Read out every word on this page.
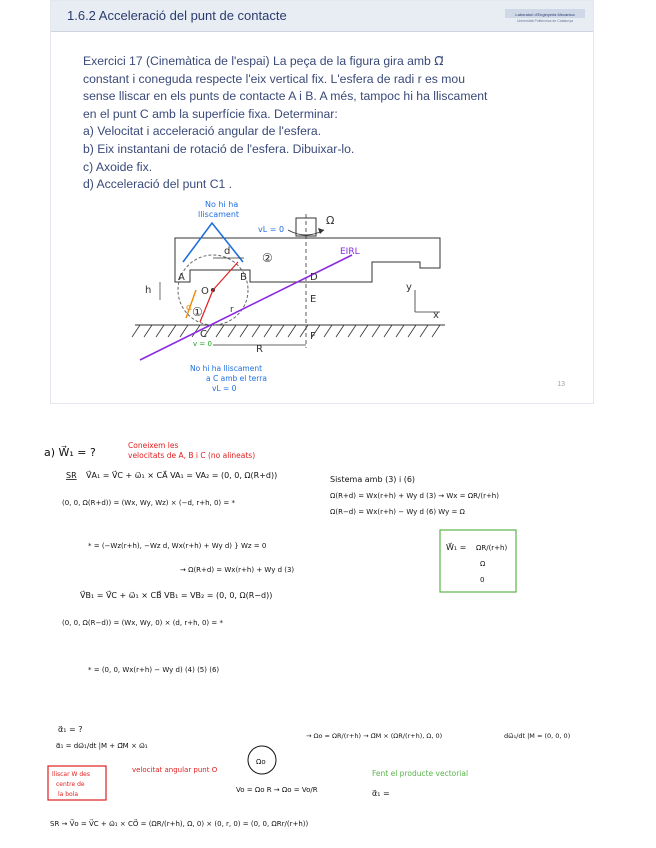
1.6.2 Acceleració del punt de contacte	Laboratori d'Enginyeria Mecànica
Universitat Politècnica de Catalunya

Exercici 17 (Cinemàtica de l'espai) La peça de la figura gira amb Ω⃗

constant i coneguda respecte l'eix vertical fix. L'esfera de radi r es mou

sense lliscar en els punts de contacte A i B. A més, tampoc hi ha lliscament

en el punt C amb la superfície fixa. Determinar:

a) Velocitat i acceleració angular de l'esfera.

b) Eix instantani de rotació de l'esfera. Dibuixar-lo.

c) Axoide fix.

d) Acceleració del punt C1 .

13
Ω
EIRL
No hi ha
lliscament
vL = 0
α
②
①
A	B
C
D
E
F
O
d
h
r
R
y
x
v = 0
No hi ha lliscament
a C amb el terra
vL = 0
a) W⃗₁ = ?
Coneixem les
velocitats de A, B i C (no alineats)
SR V⃗A₁ = V⃗C + ω⃗₁ × CA⃗ VA₁ = VA₂ = (0, 0, Ω(R+d))
(0, 0, Ω(R+d)) = (Wx, Wy, Wz) × (−d, r+h, 0) = *
* = (−Wz(r+h), −Wz d, Wx(r+h) + Wy d) } Wz = 0
→ Ω(R+d) = Wx(r+h) + Wy d (3)
Sistema amb (3) i (6)
Ω(R+d) = Wx(r+h) + Wy d (3) → Wx = ΩR/(r+h)
Ω(R−d) = Wx(r+h) − Wy d (6) Wy = Ω
W⃗₁ = ΩR/(r+h)
Ω
0
V⃗B₁ = V⃗C + ω⃗₁ × CB⃗ VB₁ = VB₂ = (0, 0, Ω(R−d))
(0, 0, Ω(R−d)) = (Wx, Wy, 0) × (d, r+h, 0) = *
* = (0, 0, Wx(r+h) − Wy d) (4) (5) (6)
α⃗₁ = ?
α⃗₁ = dω⃗₁/dt |M + Ω⃗M × ω⃗₁
lliscar W des
centre de
la bola
velocitat angular punt O
Ωo
Vo = Ωo R → Ωo = Vo/R
→ Ωo = ΩR/(r+h) → Ω⃗M × (ΩR/(r+h), Ω, 0)	dω⃗₁/dt |M = (0, 0, 0)
Fent el producte vectorial
α⃗₁ =
SR → V⃗o = V⃗C + ω⃗₁ × CO⃗ = (ΩR/(r+h), Ω, 0) × (0, r, 0) = (0, 0, ΩRr/(r+h))
